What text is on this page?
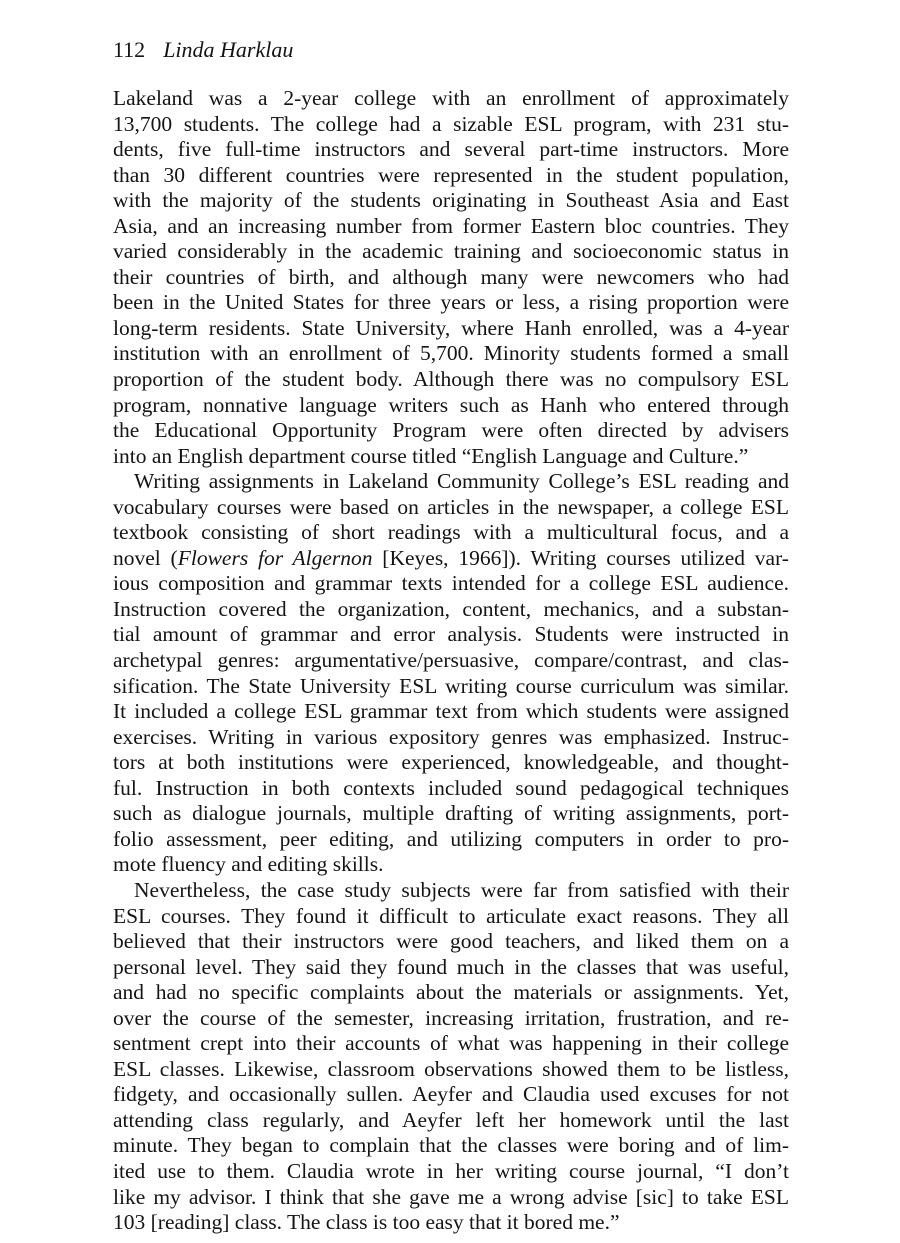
112 Linda Harklau
Lakeland was a 2-year college with an enrollment of approximately
13,700 students. The college had a sizable ESL program, with 231 stu-
dents, five full-time instructors and several part-time instructors. More
than 30 different countries were represented in the student population,
with the majority of the students originating in Southeast Asia and East
Asia, and an increasing number from former Eastern bloc countries. They
varied considerably in the academic training and socioeconomic status in
their countries of birth, and although many were newcomers who had
been in the United States for three years or less, a rising proportion were
long-term residents. State University, where Hanh enrolled, was a 4-year
institution with an enrollment of 5,700. Minority students formed a small
proportion of the student body. Although there was no compulsory ESL
program, nonnative language writers such as Hanh who entered through
the Educational Opportunity Program were often directed by advisers
into an English department course titled “English Language and Culture.”
Writing assignments in Lakeland Community College’s ESL reading and
vocabulary courses were based on articles in the newspaper, a college ESL
textbook consisting of short readings with a multicultural focus, and a
novel (Flowers for Algernon [Keyes, 1966]). Writing courses utilized var-
ious composition and grammar texts intended for a college ESL audience.
Instruction covered the organization, content, mechanics, and a substan-
tial amount of grammar and error analysis. Students were instructed in
archetypal genres: argumentative/persuasive, compare/contrast, and clas-
sification. The State University ESL writing course curriculum was similar.
It included a college ESL grammar text from which students were assigned
exercises. Writing in various expository genres was emphasized. Instruc-
tors at both institutions were experienced, knowledgeable, and thought-
ful. Instruction in both contexts included sound pedagogical techniques
such as dialogue journals, multiple drafting of writing assignments, port-
folio assessment, peer editing, and utilizing computers in order to pro-
mote fluency and editing skills.
Nevertheless, the case study subjects were far from satisfied with their
ESL courses. They found it difficult to articulate exact reasons. They all
believed that their instructors were good teachers, and liked them on a
personal level. They said they found much in the classes that was useful,
and had no specific complaints about the materials or assignments. Yet,
over the course of the semester, increasing irritation, frustration, and re-
sentment crept into their accounts of what was happening in their college
ESL classes. Likewise, classroom observations showed them to be listless,
fidgety, and occasionally sullen. Aeyfer and Claudia used excuses for not
attending class regularly, and Aeyfer left her homework until the last
minute. They began to complain that the classes were boring and of lim-
ited use to them. Claudia wrote in her writing course journal, “I don’t
like my advisor. I think that she gave me a wrong advise [sic] to take ESL
103 [reading] class. The class is too easy that it bored me.”
